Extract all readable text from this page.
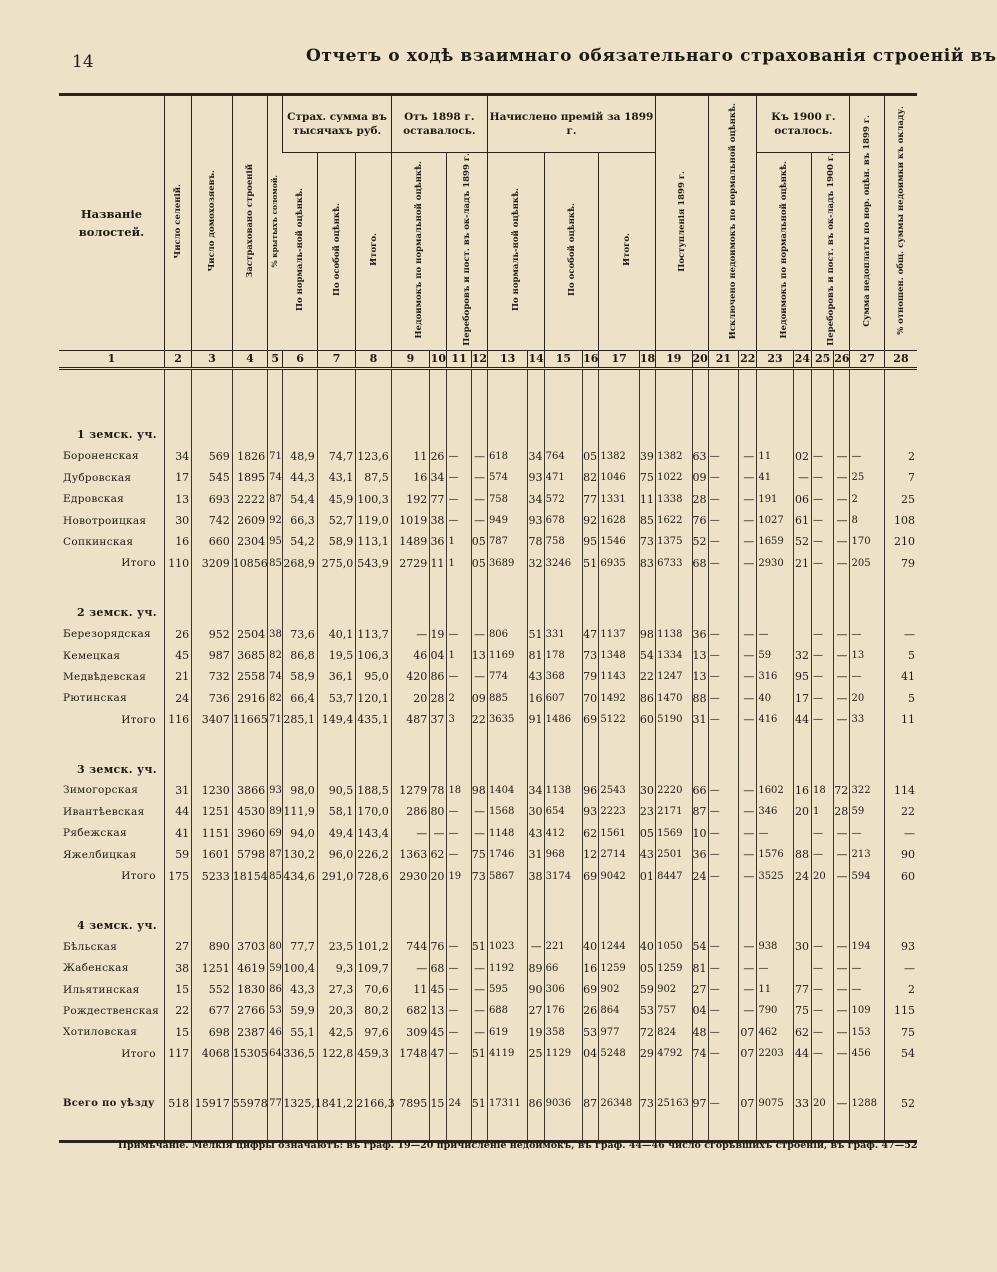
14	Отчетъ о ходѣ взаимнаго обязательнаго страхованія строеній въ
Названіе волостей.	Число селеній.	Число домохозяевъ.	Застраховано строеній	% крытыхъ соломой.	Страх. сумма въ тысячахъ руб.			Отъ 1898 г. оставалось.				Начислено премій за 1899 г.						Поступленія 1899 г.		Исключено недоимокъ по нормальной оцѣнкѣ.		Къ 1900 г. осталось.				Сумма недоплаты по нор. оцѣн. въ 1899 г.	% отношен. общ. суммы недоимки къ окладу.
					По нормаль-ной оцѣнкѣ.	По особой оцѣнкѣ.	Итого.	Недоимокъ по нормальной оцѣнкѣ.		Переборовъ и пост. въ ок-ладъ 1899 г.		По нормаль-ной оцѣнкѣ.		По особой оцѣнкѣ.		Итого.						Недоимокъ по нормальной оцѣнкѣ.		Переборовъ и пост. въ ок-ладъ 1900 г.			
1	2	3	4	5	6	7	8	9	10	11	12	13	14	15	16	17	18	19	20	21	22	23	24	25	26	27	28

1 земск. уч.																											
Бороненская	34	569	1826	71	48,9	74,7	123,6	11	26	—	—	618	34	764	05	1382	39	1382	63	—	—	11	02	—	—	—	2
Дубровская	17	545	1895	74	44,3	43,1	87,5	16	34	—	—	574	93	471	82	1046	75	1022	09	—	—	41	—	—	—	25	7
Едровская	13	693	2222	87	54,4	45,9	100,3	192	77	—	—	758	34	572	77	1331	11	1338	28	—	—	191	06	—	—	2	25
Новотроицкая	30	742	2609	92	66,3	52,7	119,0	1019	38	—	—	949	93	678	92	1628	85	1622	76	—	—	1027	61	—	—	8	108
Сопкинская	16	660	2304	95	54,2	58,9	113,1	1489	36	1	05	787	78	758	95	1546	73	1375	52	—	—	1659	52	—	—	170	210
Итого	110	3209	10856	85	268,9	275,0	543,9	2729	11	1	05	3689	32	3246	51	6935	83	6733	68	—	—	2930	21	—	—	205	79

2 земск. уч.																											
Березорядская	26	952	2504	38	73,6	40,1	113,7	—	19	—	—	806	51	331	47	1137	98	1138	36	—	—	—		—	—	—	—
Кемецкая	45	987	3685	82	86,8	19,5	106,3	46	04	1	13	1169	81	178	73	1348	54	1334	13	—	—	59	32	—	—	13	5
Медвѣдевская	21	732	2558	74	58,9	36,1	95,0	420	86	—	—	774	43	368	79	1143	22	1247	13	—	—	316	95	—	—	—	41
Рютинская	24	736	2916	82	66,4	53,7	120,1	20	28	2	09	885	16	607	70	1492	86	1470	88	—	—	40	17	—	—	20	5
Итого	116	3407	11665	71	285,1	149,4	435,1	487	37	3	22	3635	91	1486	69	5122	60	5190	31	—	—	416	44	—	—	33	11

3 земск. уч.																											
Зимогорская	31	1230	3866	93	98,0	90,5	188,5	1279	78	18	98	1404	34	1138	96	2543	30	2220	66	—	—	1602	16	18	72	322	114
Ивантѣевская	44	1251	4530	89	111,9	58,1	170,0	286	80	—	—	1568	30	654	93	2223	23	2171	87	—	—	346	20	1	28	59	22
Рябежская	41	1151	3960	69	94,0	49,4	143,4	—	—	—	—	1148	43	412	62	1561	05	1569	10	—	—	—		—	—	—	—
Яжелбицкая	59	1601	5798	87	130,2	96,0	226,2	1363	62	—	75	1746	31	968	12	2714	43	2501	36	—	—	1576	88	—	—	213	90
Итого	175	5233	18154	85	434,6	291,0	728,6	2930	20	19	73	5867	38	3174	69	9042	01	8447	24	—	—	3525	24	20	—	594	60

4 земск. уч.																											
Бѣльская	27	890	3703	80	77,7	23,5	101,2	744	76	—	51	1023	—	221	40	1244	40	1050	54	—	—	938	30	—	—	194	93
Жабенская	38	1251	4619	59	100,4	9,3	109,7	—	68	—	—	1192	89	66	16	1259	05	1259	81	—	—	—		—	—	—	—
Ильятинская	15	552	1830	86	43,3	27,3	70,6	11	45	—	—	595	90	306	69	902	59	902	27	—	—	11	77	—	—	—	2
Рождественская	22	677	2766	53	59,9	20,3	80,2	682	13	—	—	688	27	176	26	864	53	757	04	—	—	790	75	—	—	109	115
Хотиловская	15	698	2387	46	55,1	42,5	97,6	309	45	—	—	619	19	358	53	977	72	824	48	—	07	462	62	—	—	153	75
Итого	117	4068	15305	64	336,5	122,8	459,3	1748	47	—	51	4119	25	1129	04	5248	29	4792	74	—	07	2203	44	—	—	456	54

Всего по уѣзду	518	15917	55978	77	1325,1	841,2	2166,3	7895	15	24	51	17311	86	9036	87	26348	73	25163	97	—	07	9075	33	20	—	1288	52

Примѣчаніе. Мелкія цифры означаютъ: въ граф. 19—20 причисленіе недоимокъ, въ граф. 44—46 число сгорѣвшихъ строеній, въ граф. 47—52
